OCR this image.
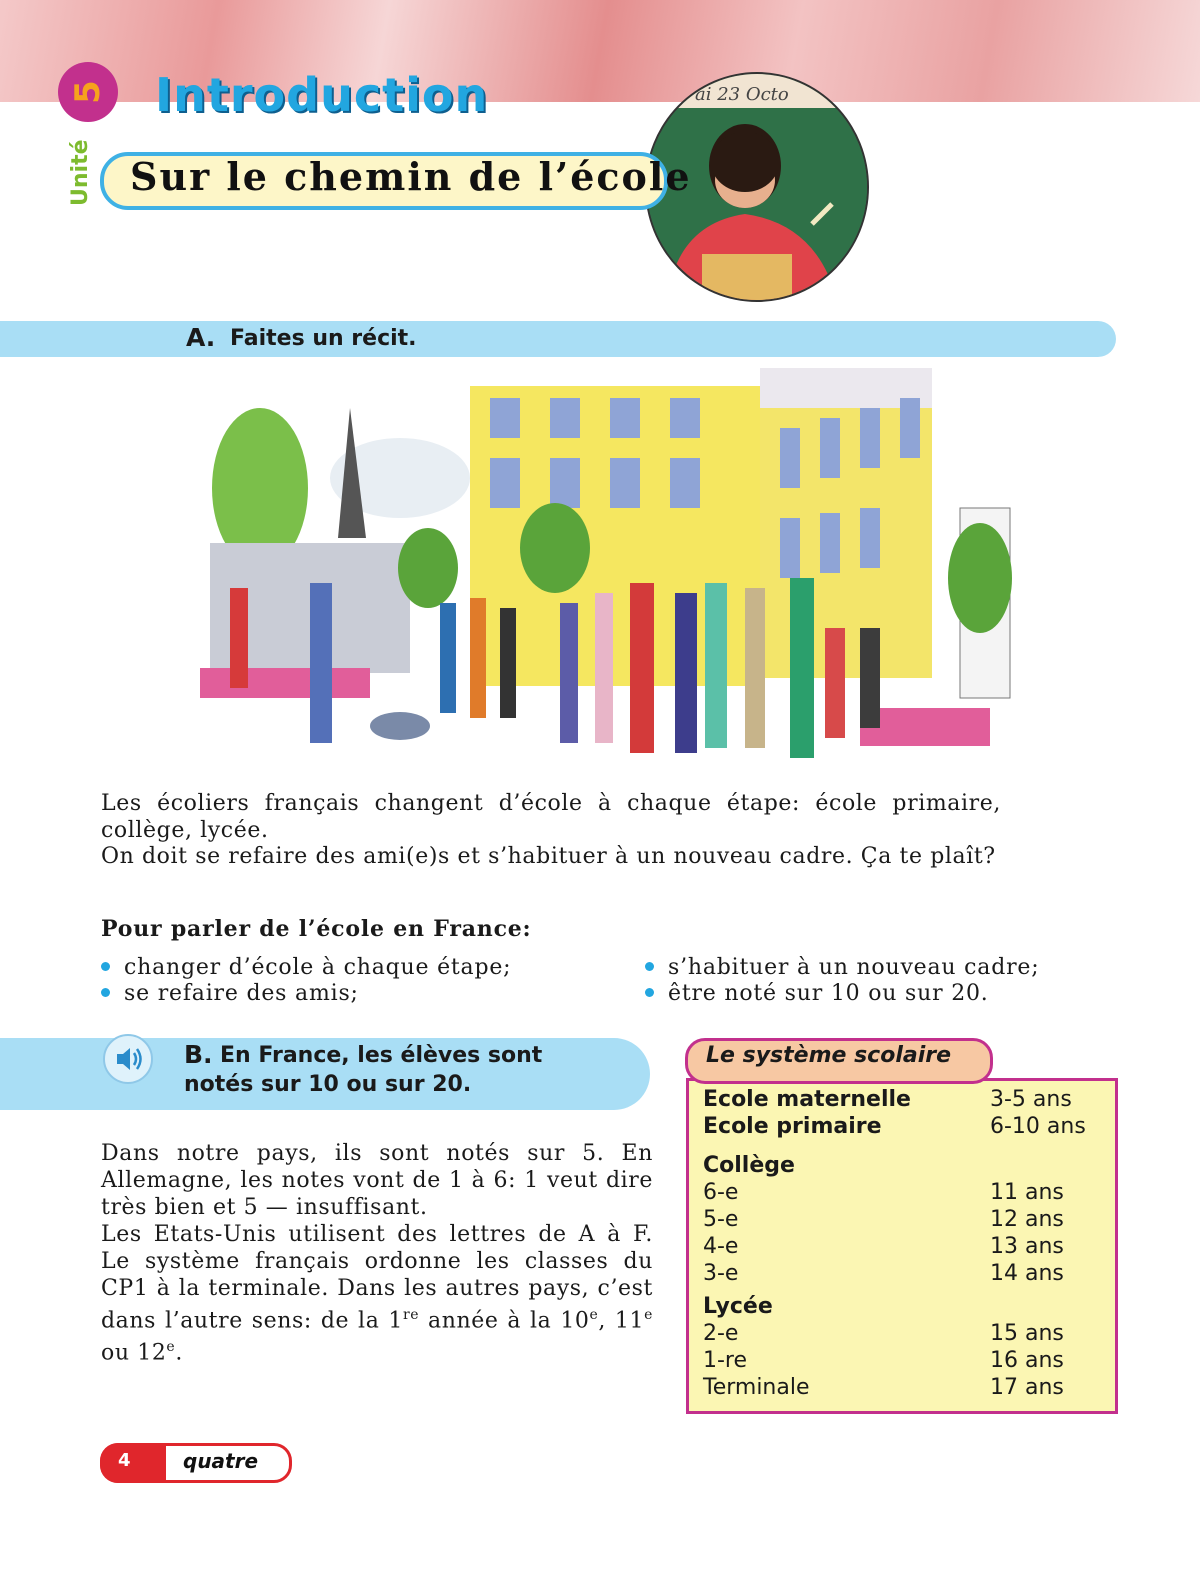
ai 23 Octo
Unité
5 Introduction
Sur le chemin de l’école
A. Faites un récit.
Les écoliers français changent d’école à chaque étape: école primaire, collège, lycée.
On doit se refaire des ami(e)s et s’habituer à un nouveau cadre. Ça te plaît?
Pour parler de l’école en France:
changer d’école à chaque étape;
se refaire des amis;
s’habituer à un nouveau cadre;
être noté sur 10 ou sur 20.
B. En France, les élèves sont
notés sur 10 ou sur 20.
Dans notre pays, ils sont notés sur 5. En Allemagne, les notes vont de 1 à 6: 1 veut dire très bien et 5 — insuffisant.
Les Etats-Unis utilisent des lettres de A à F. Le système français ordonne les classes du CP1 à la terminale. Dans les autres pays, c’est dans l’autre sens: de la 1re année à la 10e, 11e ou 12e.
Le système scolaire
Ecole maternelle	3-5 ans
Ecole primaire	6-10 ans
Collège
6-e	11 ans
5-e	12 ans
4-e	13 ans
3-e	14 ans
Lycée
2-e	15 ans
1-re	16 ans
Terminale	17 ans
4	quatre
